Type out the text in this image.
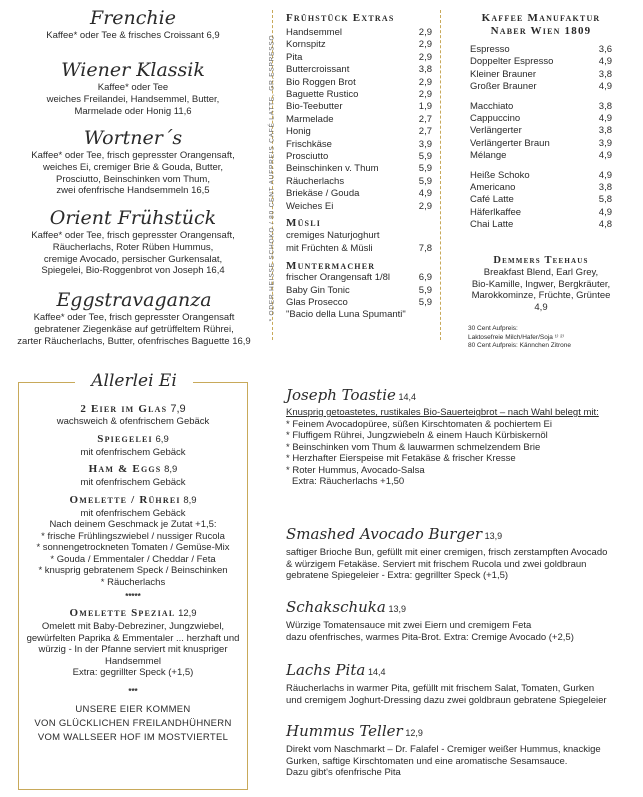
Frenchie
Kaffee* oder Tee & frisches Croissant 6,9
Wiener Klassik
Kaffee* oder Tee
weiches Freilandei, Handsemmel, Butter,
Marmelade oder Honig 11,6
Wortner´s
Kaffee* oder Tee, frisch gepresster Orangensaft,
weiches Ei, cremiger Brie & Gouda, Butter,
Prosciutto, Beinschinken vom Thum,
zwei ofenfrische Handsemmeln 16,5
Orient Frühstück
Kaffee* oder Tee, frisch gepresster Orangensaft,
Räucherlachs, Roter Rüben Hummus,
cremige Avocado, persischer Gurkensalat,
Spiegelei, Bio-Roggenbrot von Joseph 16,4
Eggstravaganza
Kaffee* oder Tee, frisch gepresster Orangensaft
gebratener Ziegenkäse auf getrüffeltem Rührei,
zarter Räucherlachs, Butter, ofenfrisches Baguette 16,9
* ODER HEISSE SCHOKO / 80 CENT AUFPREIS CAFÉ LATTE, GR.ESPRESSO
Frühstück Extras
Handsemmel	2,9
Kornspitz	2,9
Pita	2,9
Buttercroissant	3,8
Bio Roggen Brot	2,9
Baguette Rustico	2,9
Bio-Teebutter	1,9
Marmelade	2,7
Honig	2,7
Frischkäse	3,9
Prosciutto	5,9
Beinschinken v. Thum	5,9
Räucherlachs	5,9
Briekäse / Gouda	4,9
Weiches Ei	2,9
Müsli
cremiges Naturjoghurt
mit Früchten & Müsli	7,8
Muntermacher
frischer Orangensaft 1/8l	6,9
Baby Gin Tonic	5,9
Glas Prosecco	5,9
"Bacio della Luna Spumanti"
Kaffee Manufaktur
Naber Wien 1809
Espresso	3,6
Doppelter Espresso	4,9
Kleiner Brauner	3,8
Großer Brauner	4,9
Macchiato	3,8
Cappuccino	4,9
Verlängerter	3,8
Verlängerter Braun	3,9
Mélange	4,9
Heiße Schoko	4,9
Americano	3,8
Café Latte	5,8
Häferlkaffee	4,9
Chai Latte	4,8
Demmers Teehaus
Breakfast Blend, Earl Grey,
Bio-Kamille, Ingwer, Bergkräuter,
Marokkominze, Früchte, Grüntee
4,9
30 Cent Aufpreis:
Laktosefreie Milch/Hafer/Soja ¹⁾ ²⁾
80 Cent Aufpreis: Kännchen Zitrone
Allerlei Ei
2 Eier im Glas 7,9
wachsweich & ofenfrischem Gebäck
Spiegelei 6,9
mit ofenfrischem Gebäck
Ham & Eggs 8,9
mit ofenfrischem Gebäck
Omelette / Rührei 8,9
mit ofenfrischem Gebäck
Nach deinem Geschmack je Zutat +1,5:
* frische Frühlingszwiebel / nussiger Rucola
* sonnengetrockneten Tomaten / Gemüse-Mix
* Gouda / Emmentaler / Cheddar / Feta
* knusprig gebratenem Speck / Beinschinken
* Räucherlachs
*****
Omelette Spezial 12,9
Omelett mit Baby-Debreziner, Jungzwiebel,
gewürfelten Paprika & Emmentaler ... herzhaft und
würzig - In der Pfanne serviert mit knuspriger
Handsemmel
Extra: gegrillter Speck (+1,5)
***
UNSERE EIER KOMMEN
VON GLÜCKLICHEN FREILANDHÜHNERN
VOM WALLSEER HOF IM MOSTVIERTEL
Joseph Toastie 14,4
Knusprig getoastetes, rustikales Bio-Sauerteigbrot – nach Wahl belegt mit:
* Feinem Avocadopüree, süßen Kirschtomaten & pochiertem Ei
* Fluffigem Rührei, Jungzwiebeln & einem Hauch Kürbiskernöl
* Beinschinken vom Thum & lauwarmen schmelzendem Brie
* Herzhafter Eierspeise mit Fetakäse & frischer Kresse
* Roter Hummus, Avocado-Salsa
Extra: Räucherlachs +1,50
Smashed Avocado Burger 13,9
saftiger Brioche Bun, gefüllt mit einer cremigen, frisch zerstampften Avocado
& würzigem Fetakäse. Serviert mit frischem Rucola und zwei goldbraun
gebratene Spiegeleier - Extra: gegrillter Speck (+1,5)
Schakschuka 13,9
Würzige Tomatensauce mit zwei Eiern und cremigem Feta
dazu ofenfrisches, warmes Pita-Brot. Extra: Cremige Avocado (+2,5)
Lachs Pita 14,4
Räucherlachs in warmer Pita, gefüllt mit frischem Salat, Tomaten, Gurken
und cremigem Joghurt-Dressing dazu zwei goldbraun gebratene Spiegeleier
Hummus Teller 12,9
Direkt vom Naschmarkt – Dr. Falafel - Cremiger weißer Hummus, knackige
Gurken, saftige Kirschtomaten und eine aromatische Sesamsauce.
Dazu gibt's ofenfrische Pita
